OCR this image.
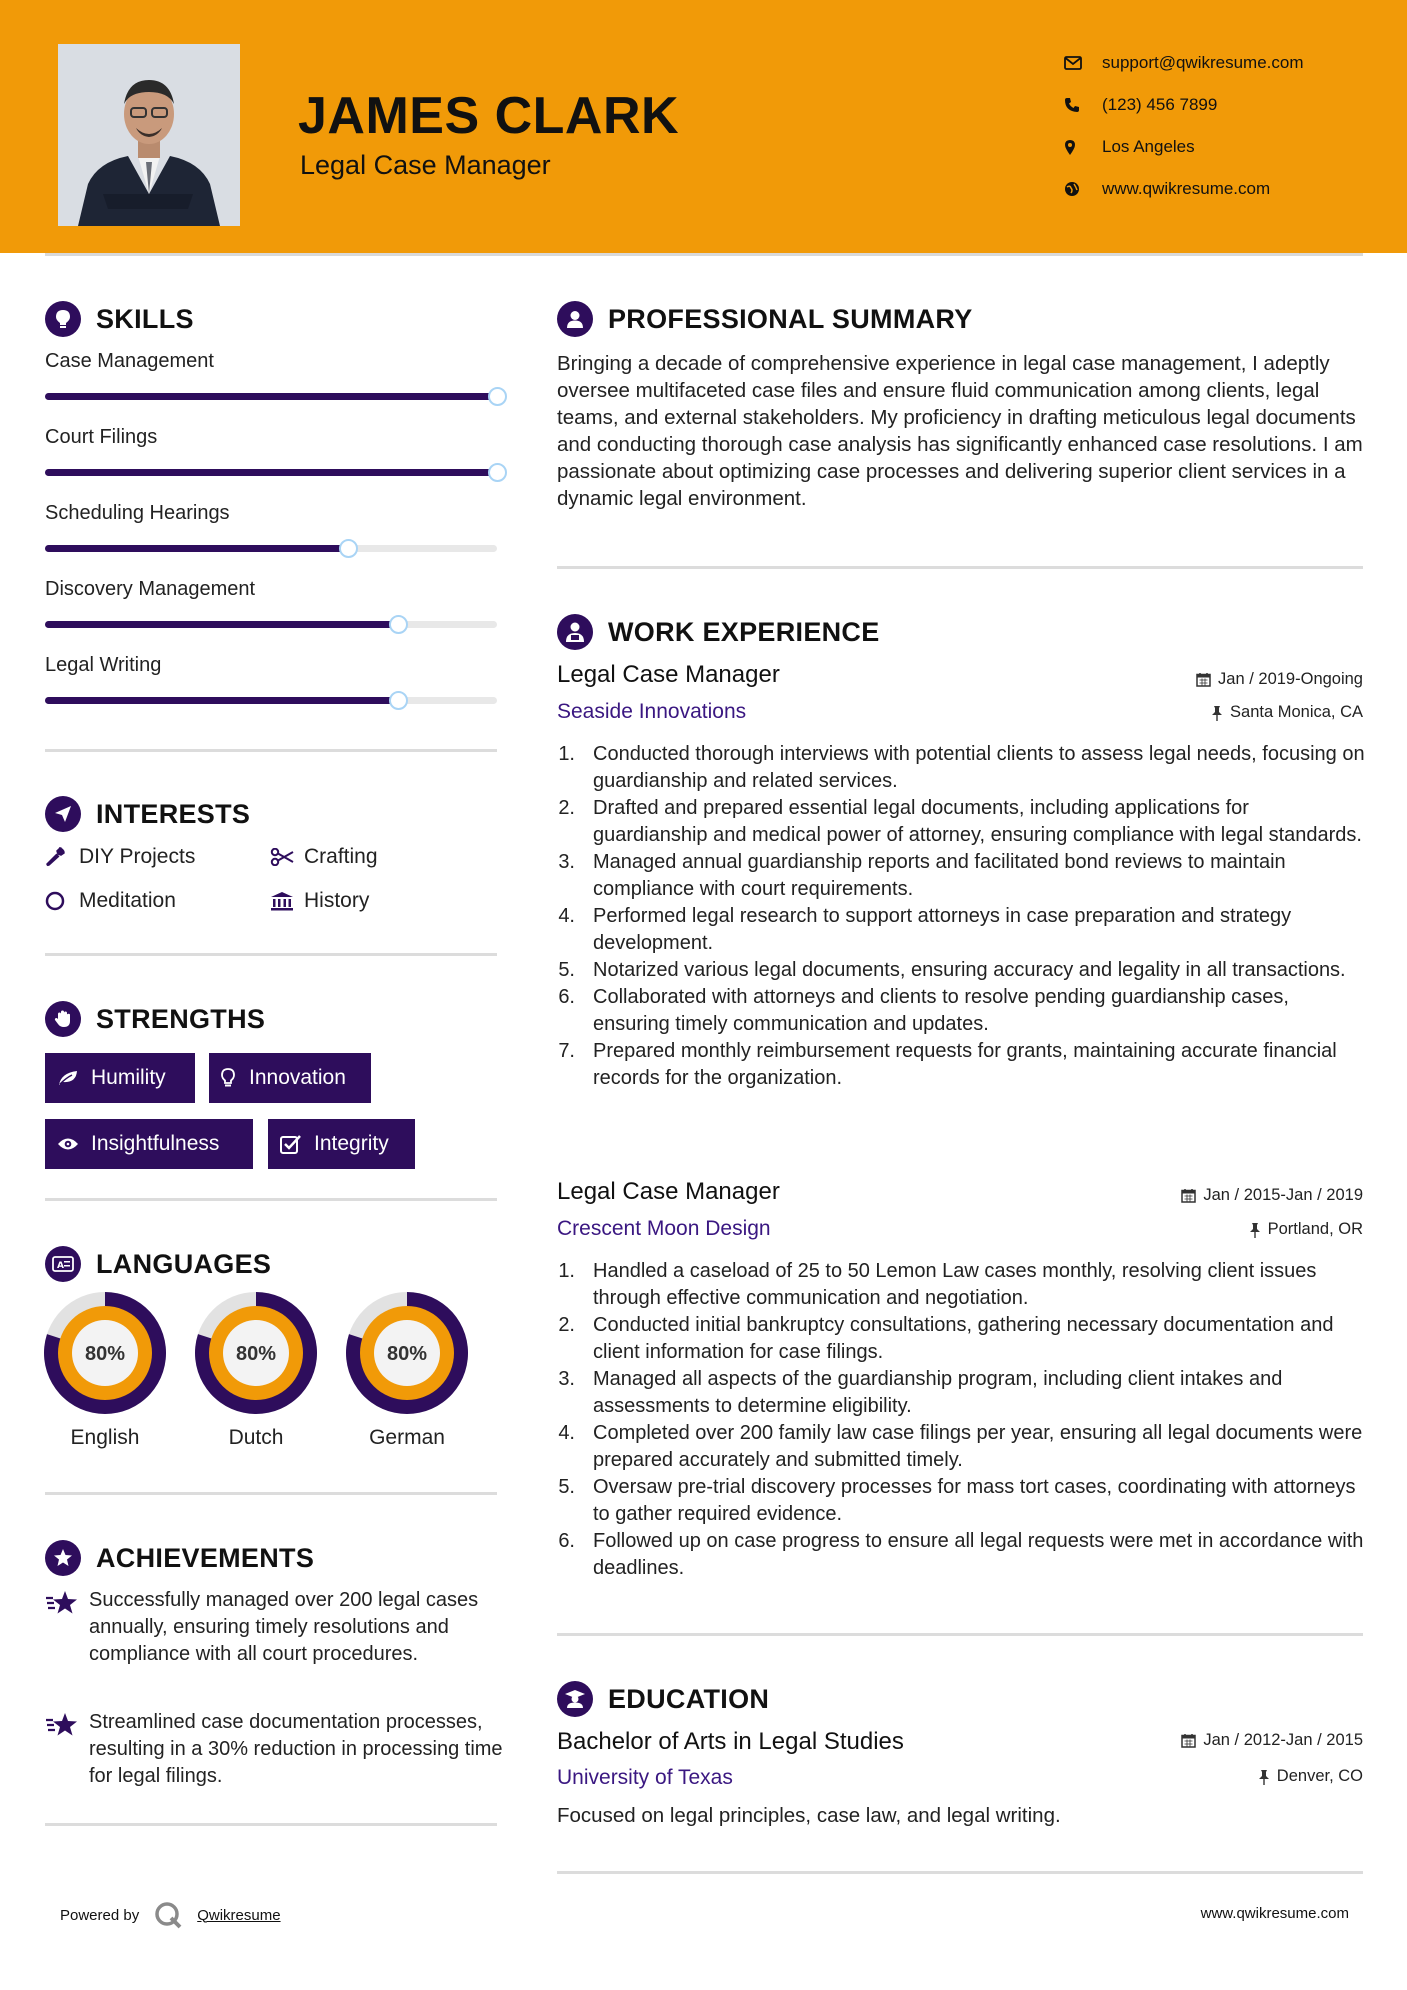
JAMES CLARK
Legal Case Manager
support@qwikresume.com
(123) 456 7899
Los Angeles
www.qwikresume.com
SKILLS
Case Management
Court Filings
Scheduling Hearings
Discovery Management
Legal Writing
INTERESTS
DIY Projects	Crafting
Meditation	History
STRENGTHS
Humility	Innovation
Insightfulness	Integrity
A LANGUAGES
80%
English
80%
Dutch
80%
German
ACHIEVEMENTS
Successfully managed over 200 legal cases annually, ensuring timely resolutions and compliance with all court procedures.
Streamlined case documentation processes, resulting in a 30% reduction in processing time for legal filings.
PROFESSIONAL SUMMARY
Bringing a decade of comprehensive experience in legal case management, I adeptly oversee multifaceted case files and ensure fluid communication among clients, legal teams, and external stakeholders. My proficiency in drafting meticulous legal documents and conducting thorough case analysis has significantly enhanced case resolutions. I am passionate about optimizing case processes and delivering superior client services in a dynamic legal environment.
WORK EXPERIENCE
Legal Case Manager	Jan / 2019-Ongoing
Seaside Innovations	Santa Monica, CA
1. Conducted thorough interviews with potential clients to assess legal needs, focusing on guardianship and related services.
2. Drafted and prepared essential legal documents, including applications for guardianship and medical power of attorney, ensuring compliance with legal standards.
3. Managed annual guardianship reports and facilitated bond reviews to maintain compliance with court requirements.
4. Performed legal research to support attorneys in case preparation and strategy development.
5. Notarized various legal documents, ensuring accuracy and legality in all transactions.
6. Collaborated with attorneys and clients to resolve pending guardianship cases, ensuring timely communication and updates.
7. Prepared monthly reimbursement requests for grants, maintaining accurate financial records for the organization.
Legal Case Manager	Jan / 2015-Jan / 2019
Crescent Moon Design	Portland, OR
1. Handled a caseload of 25 to 50 Lemon Law cases monthly, resolving client issues through effective communication and negotiation.
2. Conducted initial bankruptcy consultations, gathering necessary documentation and client information for case filings.
3. Managed all aspects of the guardianship program, including client intakes and assessments to determine eligibility.
4. Completed over 200 family law case filings per year, ensuring all legal documents were prepared accurately and submitted timely.
5. Oversaw pre-trial discovery processes for mass tort cases, coordinating with attorneys to gather required evidence.
6. Followed up on case progress to ensure all legal requests were met in accordance with deadlines.
EDUCATION
Bachelor of Arts in Legal Studies	Jan / 2012-Jan / 2015
University of Texas	Denver, CO
Focused on legal principles, case law, and legal writing.
Powered by	Qwikresume	www.qwikresume.com
